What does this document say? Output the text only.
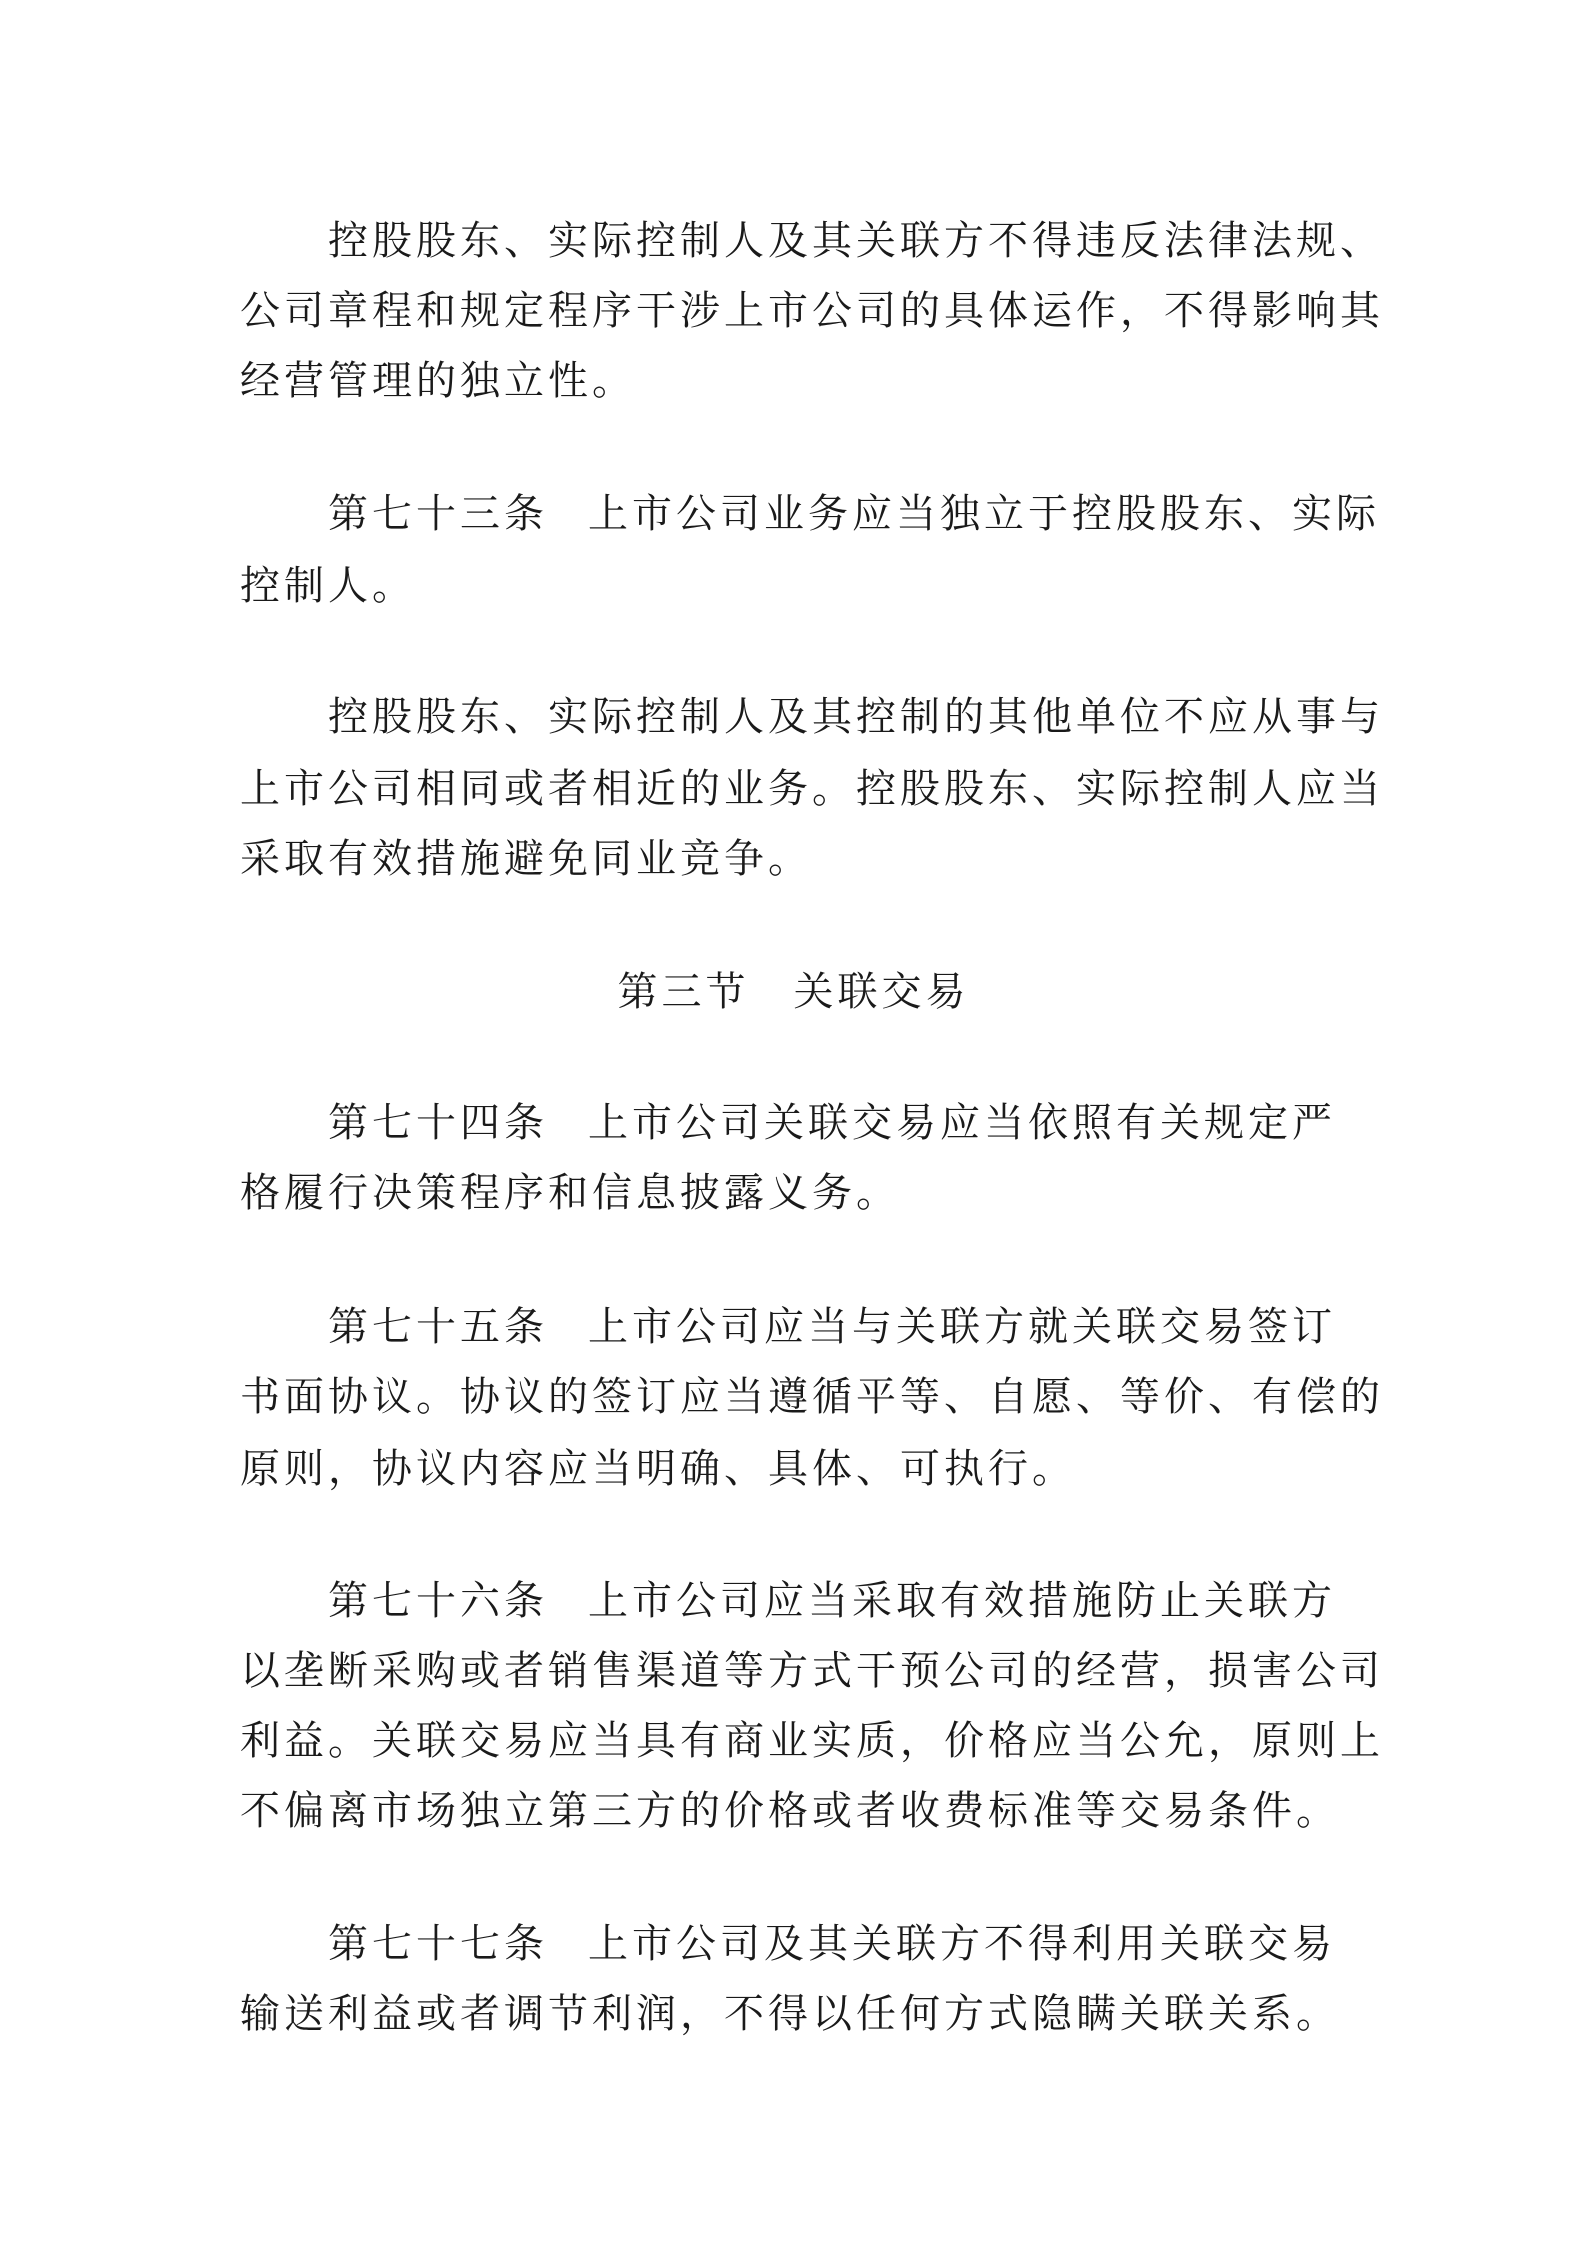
控股股东、实际控制人及其关联方不得违反法律法规、
公司章程和规定程序干涉上市公司的具体运作，不得影响其
经营管理的独立性。
第七十三条 上市公司业务应当独立于控股股东、实际
控制人。
控股股东、实际控制人及其控制的其他单位不应从事与
上市公司相同或者相近的业务。控股股东、实际控制人应当
采取有效措施避免同业竞争。
第三节　关联交易
第七十四条 上市公司关联交易应当依照有关规定严
格履行决策程序和信息披露义务。
第七十五条 上市公司应当与关联方就关联交易签订
书面协议。协议的签订应当遵循平等、自愿、等价、有偿的
原则，协议内容应当明确、具体、可执行。
第七十六条 上市公司应当采取有效措施防止关联方
以垄断采购或者销售渠道等方式干预公司的经营，损害公司
利益。关联交易应当具有商业实质，价格应当公允，原则上
不偏离市场独立第三方的价格或者收费标准等交易条件。
第七十七条 上市公司及其关联方不得利用关联交易
输送利益或者调节利润，不得以任何方式隐瞒关联关系。
